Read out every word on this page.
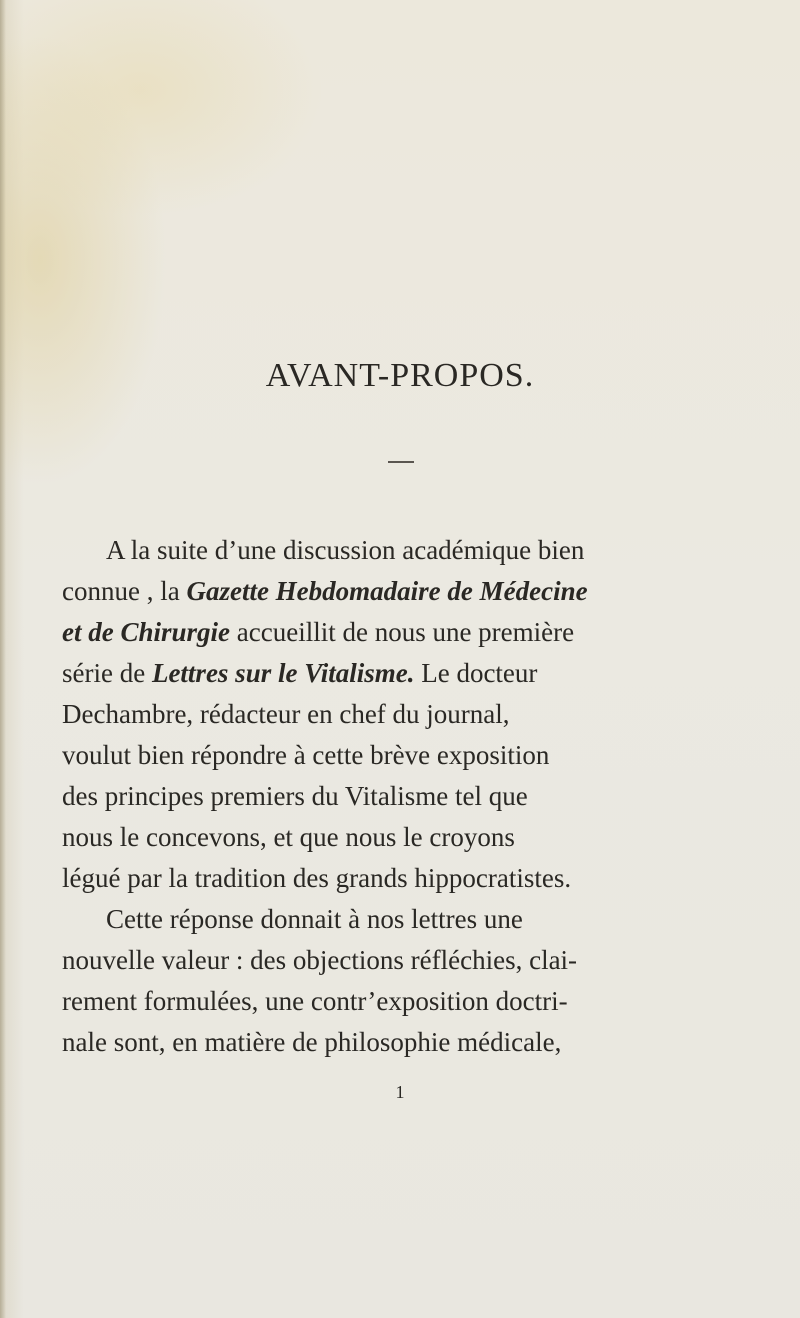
AVANT-PROPOS.
A la suite d’une discussion académique bien
connue , la Gazette Hebdomadaire de Médecine
et de Chirurgie accueillit de nous une première
série de Lettres sur le Vitalisme. Le docteur
Dechambre, rédacteur en chef du journal,
voulut bien répondre à cette brève exposition
des principes premiers du Vitalisme tel que
nous le concevons, et que nous le croyons
légué par la tradition des grands hippocratistes.
Cette réponse donnait à nos lettres une
nouvelle valeur : des objections réfléchies, clai-
rement formulées, une contr’exposition doctri-
nale sont, en matière de philosophie médicale,
1
